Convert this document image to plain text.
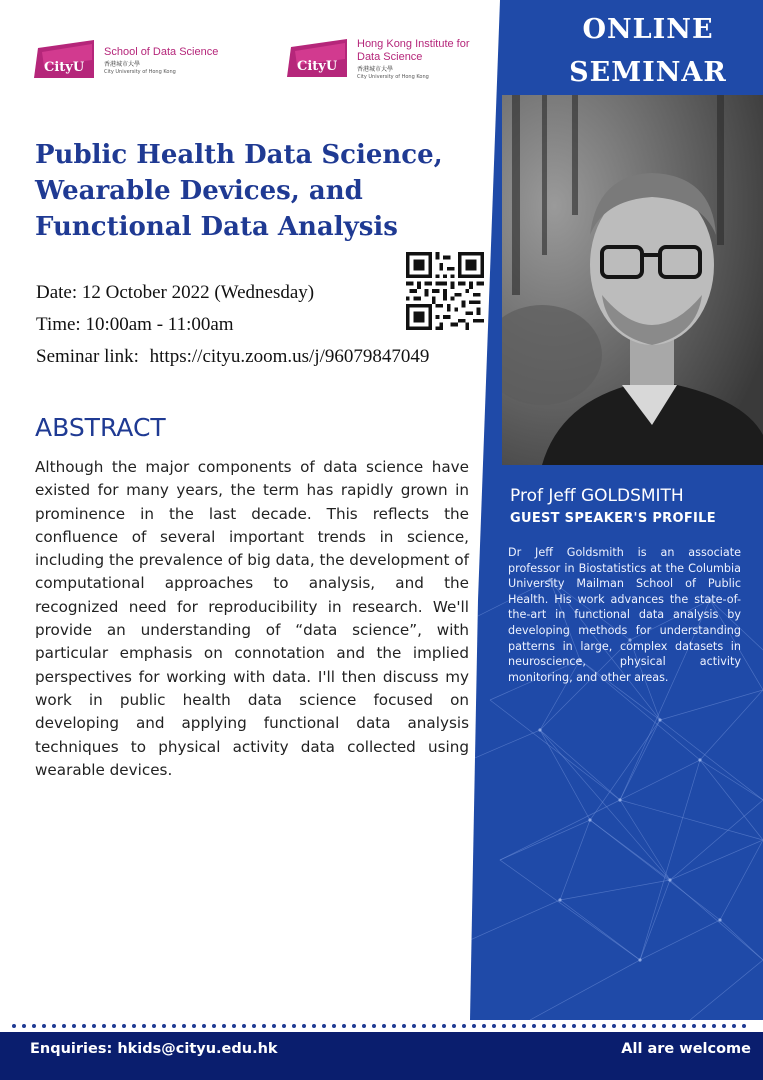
CityU
School of Data Science
香港城市大學
City University of Hong Kong	CityU
Hong Kong Institute for
Data Science
香港城市大學
City University of Hong Kong
ONLINE
SEMINAR
Public Health Data Science,
Wearable Devices, and
Functional Data Analysis
Date: 12 October 2022 (Wednesday)
Time: 10:00am - 11:00am
Seminar link: https://cityu.zoom.us/j/96079847049
ABSTRACT
Although the major components of data science have existed for many years, the term has rapidly grown in prominence in the last decade. This reflects the confluence of several important trends in science, including the prevalence of big data, the development of computational approaches to analysis, and the recognized need for reproducibility in research. We'll provide an understanding of “data science”, with particular emphasis on connotation and the implied perspectives for working with data. I'll then discuss my work in public health data science focused on developing and applying functional data analysis techniques to physical activity data collected using wearable devices.
Prof Jeff GOLDSMITH
GUEST SPEAKER'S PROFILE
Dr Jeff Goldsmith is an associate professor in Biostatistics at the Columbia University Mailman School of Public Health. His work advances the state-of-the-art in functional data analysis by developing methods for understanding patterns in large, complex datasets in neuroscience, physical activity monitoring, and other areas.
Enquiries: hkids@cityu.edu.hk	All are welcome
